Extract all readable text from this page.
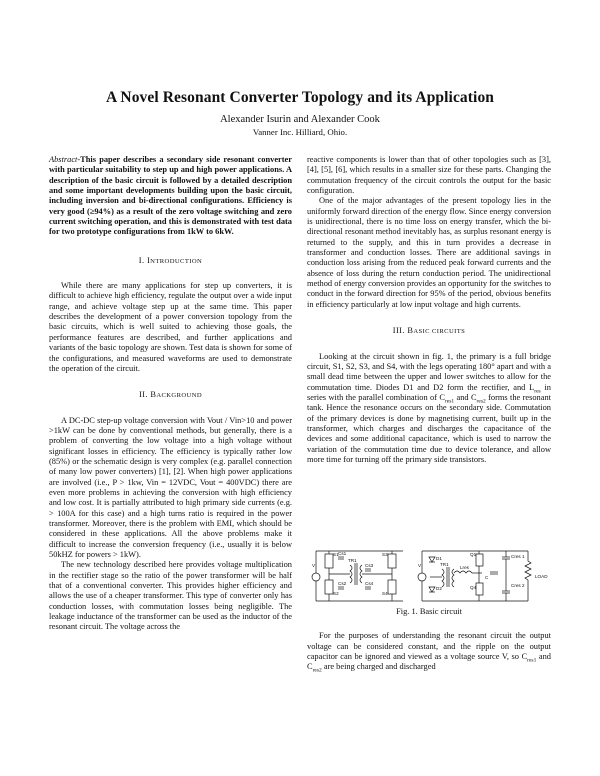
A Novel Resonant Converter Topology and its Application
Alexander Isurin and Alexander Cook
Vanner Inc. Hilliard, Ohio.

Abstract-This paper describes a secondary side resonant converter with particular suitability to step up and high power applications. A description of the basic circuit is followed by a detailed description and some important developments building upon the basic circuit, including inversion and bi-directional configurations. Efficiency is very good (≥94%) as a result of the zero voltage switching and zero current switching operation, and this is demonstrated with test data for two prototype configurations from 1kW to 6kW.

I. INTRODUCTION

While there are many applications for step up converters, it is difficult to achieve high efficiency, regulate the output over a wide input range, and achieve voltage step up at the same time. This paper describes the development of a power conversion topology from the basic circuits, which is well suited to achieving those goals, the performance features are described, and further applications and variants of the basic topology are shown. Test data is shown for some of the configurations, and measured waveforms are used to demonstrate the operation of the circuit.

II. BACKGROUND

A DC-DC step-up voltage conversion with Vout / Vin>10 and power >1kW can be done by conventional methods, but generally, there is a problem of converting the low voltage into a high voltage without significant losses in efficiency. The efficiency is typically rather low (85%) or the schematic design is very complex (e.g. parallel connection of many low power converters) [1], [2]. When high power applications are involved (i.e., P > 1kw, Vin = 12VDC, Vout = 400VDC) there are even more problems in achieving the conversion with high efficiency and low cost. It is partially attributed to high primary side currents (e.g. > 100A for this case) and a high turns ratio is required in the power transformer. Moreover, there is the problem with EMI, which should be considered in these applications. All the above problems make it difficult to increase the conversion frequency (i.e., usually it is below 50kHZ for powers > 1kW).

The new technology described here provides voltage multiplication in the rectifier stage so the ratio of the power transformer will be half that of a conventional converter. This provides higher efficiency and allows the use of a cheaper transformer. This type of converter only has conduction losses, with commutation losses being negligible. The leakage inductance of the transformer can be used as the inductor of the resonant circuit. The voltage across the

reactive components is lower than that of other topologies such as [3], [4], [5], [6], which results in a smaller size for these parts. Changing the commutation frequency of the circuit controls the output for the basic configuration.

One of the major advantages of the present topology lies in the uniformly forward direction of the energy flow. Since energy conversion is unidirectional, there is no time loss on energy transfer, which the bi-directional resonant method inevitably has, as surplus resonant energy is returned to the supply, and this in turn provides a decrease in transformer and conduction losses. There are additional savings in conduction loss arising from the reduced peak forward currents and the absence of loss during the return conduction period. The unidirectional method of energy conversion provides an opportunity for the switches to conduct in the forward direction for 95% of the period, obvious benefits in efficiency particularly at low input voltage and high currents.

III. BASIC CIRCUITS

Looking at the circuit shown in fig. 1, the primary is a full bridge circuit, S1, S2, S3, and S4, with the legs operating 180° apart and with a small dead time between the upper and lower switches to allow for the commutation time. Diodes D1 and D2 form the rectifier, and $L_{res}$ in series with the parallel combination of $C_{res1}$ and $C_{res2}$ forms the resonant tank. Hence the resonance occurs on the secondary side. Commutation of the primary devices is done by magnetising current, built up in the transformer, which charges and discharges the capacitance of the devices and some additional capacitance, which is used to narrow the variation of the commutation time due to device tolerance, and allow more time for turning off the primary side transistors.

V
S1
S2
S3
S4
Cs1
Cs3
Cs2	Cs4
TR1
V
D1
D2
TR1
Lres
Q1
Q4
C
Cres 1
Cres 2
LOAD

Fig. 1. Basic circuit

For the purposes of understanding the resonant circuit the output voltage can be considered constant, and the ripple on the output capacitor can be ignored and viewed as a voltage source V, so $C_{res1}$ and $C_{res2}$ are being charged and discharged
